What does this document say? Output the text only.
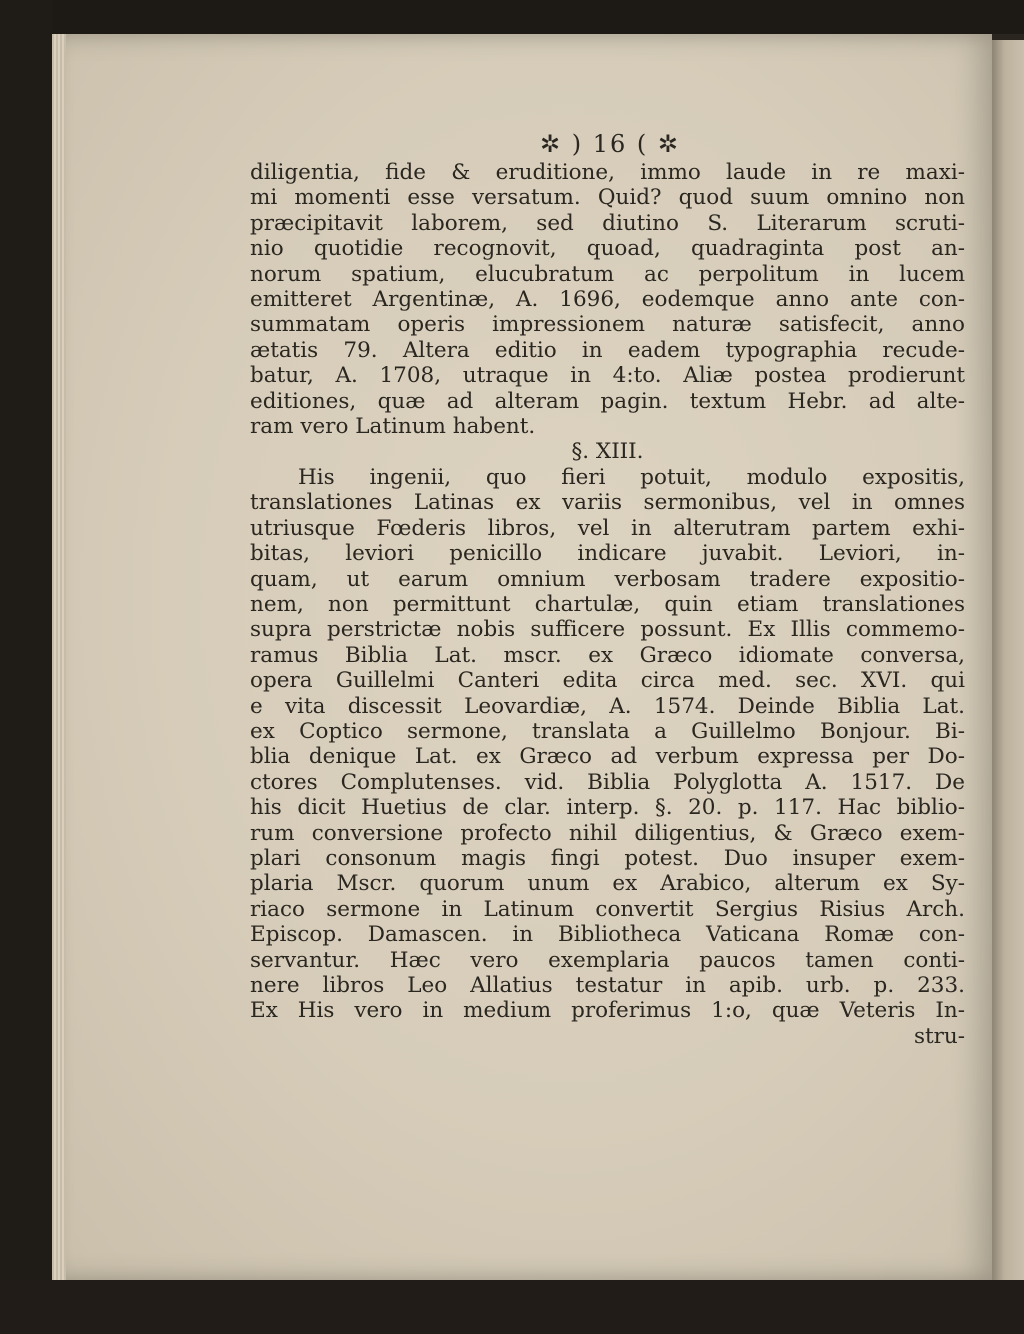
✲ ) 16 ( ✲
diligentia, fide & eruditione, immo laude in re maxi-
mi momenti esse versatum. Quid? quod suum omnino non
præcipitavit laborem, sed diutino S. Literarum scruti-
nio quotidie recognovit, quoad, quadraginta post an-
norum spatium, elucubratum ac perpolitum in lucem
emitteret Argentinæ, A. 1696, eodemque anno ante con-
summatam operis impressionem naturæ satisfecit, anno
ætatis 79. Altera editio in eadem typographia recude-
batur, A. 1708, utraque in 4:to. Aliæ postea prodierunt
editiones, quæ ad alteram pagin. textum Hebr. ad alte-
ram vero Latinum habent.
§. XIII.
His ingenii, quo fieri potuit, modulo expositis,
translationes Latinas ex variis sermonibus, vel in omnes
utriusque Fœderis libros, vel in alterutram partem exhi-
bitas, leviori penicillo indicare juvabit. Leviori, in-
quam, ut earum omnium verbosam tradere expositio-
nem, non permittunt chartulæ, quin etiam translationes
supra perstrictæ nobis sufficere possunt. Ex Illis commemo-
ramus Biblia Lat. mscr. ex Græco idiomate conversa,
opera Guillelmi Canteri edita circa med. sec. XVI. qui
e vita discessit Leovardiæ, A. 1574. Deinde Biblia Lat.
ex Coptico sermone, translata a Guillelmo Bonjour. Bi-
blia denique Lat. ex Græco ad verbum expressa per Do-
ctores Complutenses. vid. Biblia Polyglotta A. 1517. De
his dicit Huetius de clar. interp. §. 20. p. 117. Hac biblio-
rum conversione profecto nihil diligentius, & Græco exem-
plari consonum magis fingi potest. Duo insuper exem-
plaria Mscr. quorum unum ex Arabico, alterum ex Sy-
riaco sermone in Latinum convertit Sergius Risius Arch.
Episcop. Damascen. in Bibliotheca Vaticana Romæ con-
servantur. Hæc vero exemplaria paucos tamen conti-
nere libros Leo Allatius testatur in apib. urb. p. 233.
Ex His vero in medium proferimus 1:o, quæ Veteris In-
stru-
